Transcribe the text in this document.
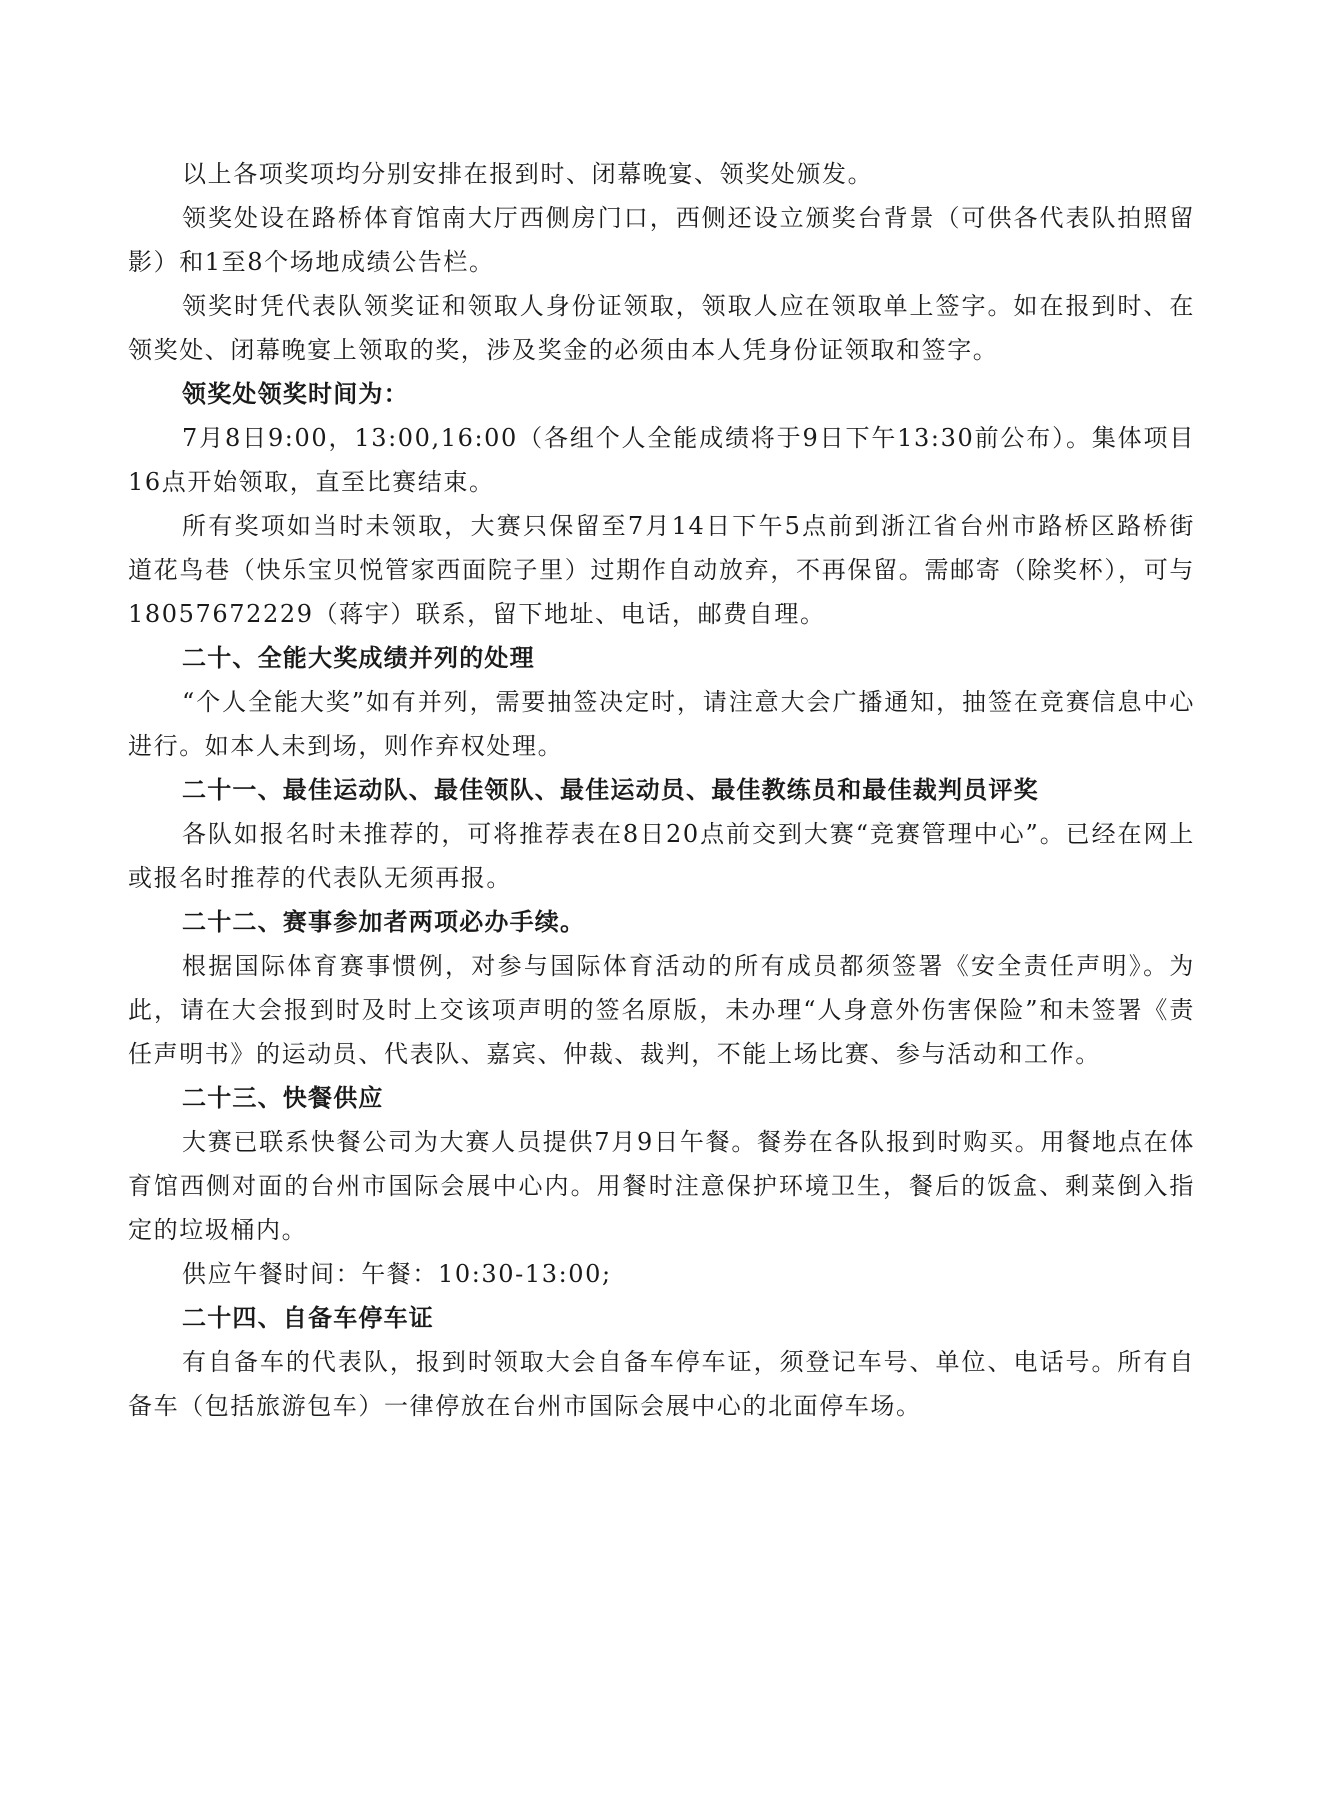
以上各项奖项均分别安排在报到时、闭幕晚宴、领奖处颁发。

领奖处设在路桥体育馆南大厅西侧房门口，西侧还设立颁奖台背景（可供各代表队拍照留影）和1至8个场地成绩公告栏。

领奖时凭代表队领奖证和领取人身份证领取，领取人应在领取单上签字。如在报到时、在领奖处、闭幕晚宴上领取的奖，涉及奖金的必须由本人凭身份证领取和签字。

领奖处领奖时间为：

7月8日9:00，13:00,16:00（各组个人全能成绩将于9日下午13:30前公布）。集体项目16点开始领取，直至比赛结束。

所有奖项如当时未领取，大赛只保留至7月14日下午5点前到浙江省台州市路桥区路桥街道花鸟巷（快乐宝贝悦管家西面院子里）过期作自动放弃，不再保留。需邮寄（除奖杯），可与18057672229（蒋宇）联系，留下地址、电话，邮费自理。

二十、全能大奖成绩并列的处理

“个人全能大奖”如有并列，需要抽签决定时，请注意大会广播通知，抽签在竞赛信息中心进行。如本人未到场，则作弃权处理。

二十一、最佳运动队、最佳领队、最佳运动员、最佳教练员和最佳裁判员评奖

各队如报名时未推荐的，可将推荐表在8日20点前交到大赛“竞赛管理中心”。已经在网上或报名时推荐的代表队无须再报。

二十二、赛事参加者两项必办手续。

根据国际体育赛事惯例，对参与国际体育活动的所有成员都须签署《安全责任声明》。为此，请在大会报到时及时上交该项声明的签名原版，未办理“人身意外伤害保险”和未签署《责任声明书》的运动员、代表队、嘉宾、仲裁、裁判，不能上场比赛、参与活动和工作。

二十三、快餐供应

大赛已联系快餐公司为大赛人员提供7月9日午餐。餐券在各队报到时购买。用餐地点在体育馆西侧对面的台州市国际会展中心内。用餐时注意保护环境卫生，餐后的饭盒、剩菜倒入指定的垃圾桶内。

供应午餐时间：午餐：10:30-13:00;

二十四、自备车停车证

有自备车的代表队，报到时领取大会自备车停车证，须登记车号、单位、电话号。所有自备车（包括旅游包车）一律停放在台州市国际会展中心的北面停车场。
